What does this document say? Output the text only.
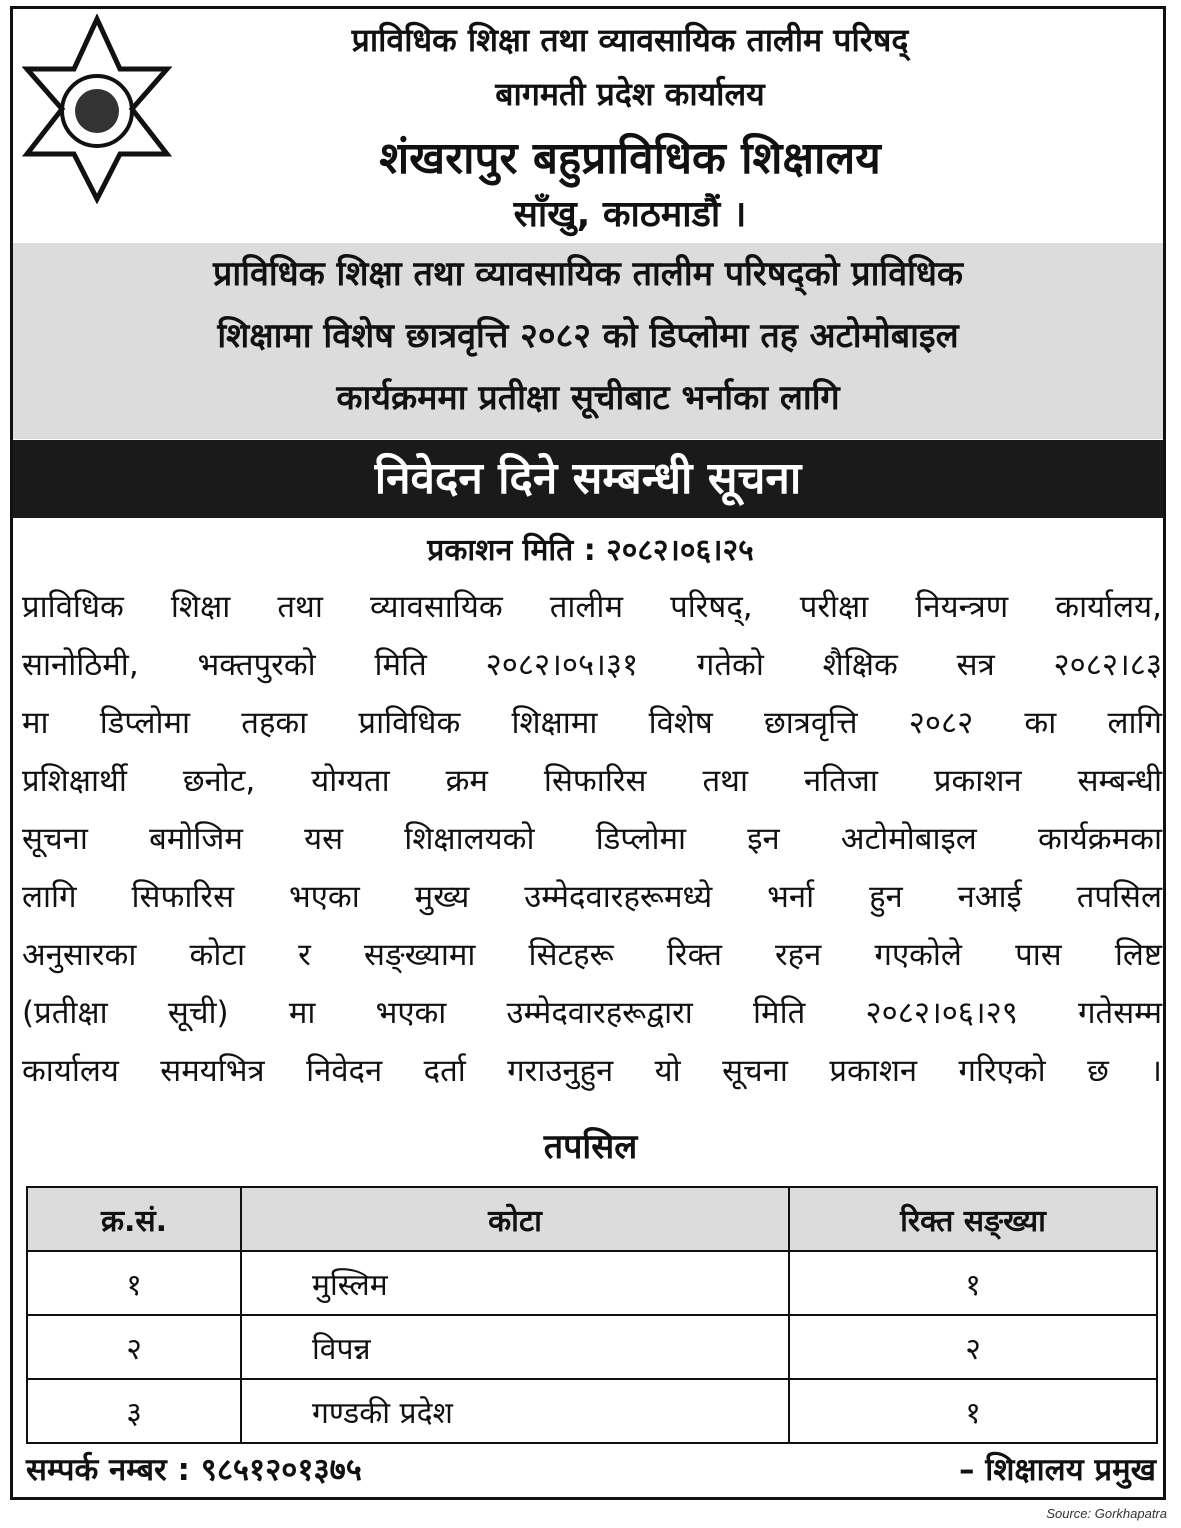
प्राविधिक शिक्षा तथा व्यावसायिक तालीम परिषद्
बागमती प्रदेश कार्यालय
शंखरापुर बहुप्राविधिक शिक्षालय
साँखु, काठमाडौं ।
प्राविधिक शिक्षा तथा व्यावसायिक तालीम परिषद्को प्राविधिक
शिक्षामा विशेष छात्रवृत्ति २०८२ को डिप्लोमा तह अटोमोबाइल
कार्यक्रममा प्रतीक्षा सूचीबाट भर्नाका लागि
निवेदन दिने सम्बन्धी सूचना
प्रकाशन मिति : २०८२।०६।२५
प्राविधिक शिक्षा तथा व्यावसायिक तालीम परिषद्, परीक्षा नियन्त्रण कार्यालय,
सानोठिमी, भक्तपुरको मिति २०८२।०५।३१ गतेको शैक्षिक सत्र २०८२।८३
मा डिप्लोमा तहका प्राविधिक शिक्षामा विशेष छात्रवृत्ति २०८२ का लागि
प्रशिक्षार्थी छनोट, योग्यता क्रम सिफारिस तथा नतिजा प्रकाशन सम्बन्धी
सूचना बमोजिम यस शिक्षालयको डिप्लोमा इन अटोमोबाइल कार्यक्रमका
लागि सिफारिस भएका मुख्य उम्मेदवारहरूमध्ये भर्ना हुन नआई तपसिल
अनुसारका कोटा र सङ्ख्यामा सिटहरू रिक्त रहन गएकोले पास लिष्ट
(प्रतीक्षा सूची) मा भएका उम्मेदवारहरूद्वारा मिति २०८२।०६।२९ गतेसम्म
कार्यालय समयभित्र निवेदन दर्ता गराउनुहुन यो सूचना प्रकाशन गरिएको छ ।
तपसिल
क्र.सं.	कोटा	रिक्त सङ्ख्या
१	मुस्लिम	१
२	विपन्न	२
३	गण्डकी प्रदेश	१
सम्पर्क नम्बर : ९८५१२०१३७५	– शिक्षालय प्रमुख
Source: Gorkhapatra
